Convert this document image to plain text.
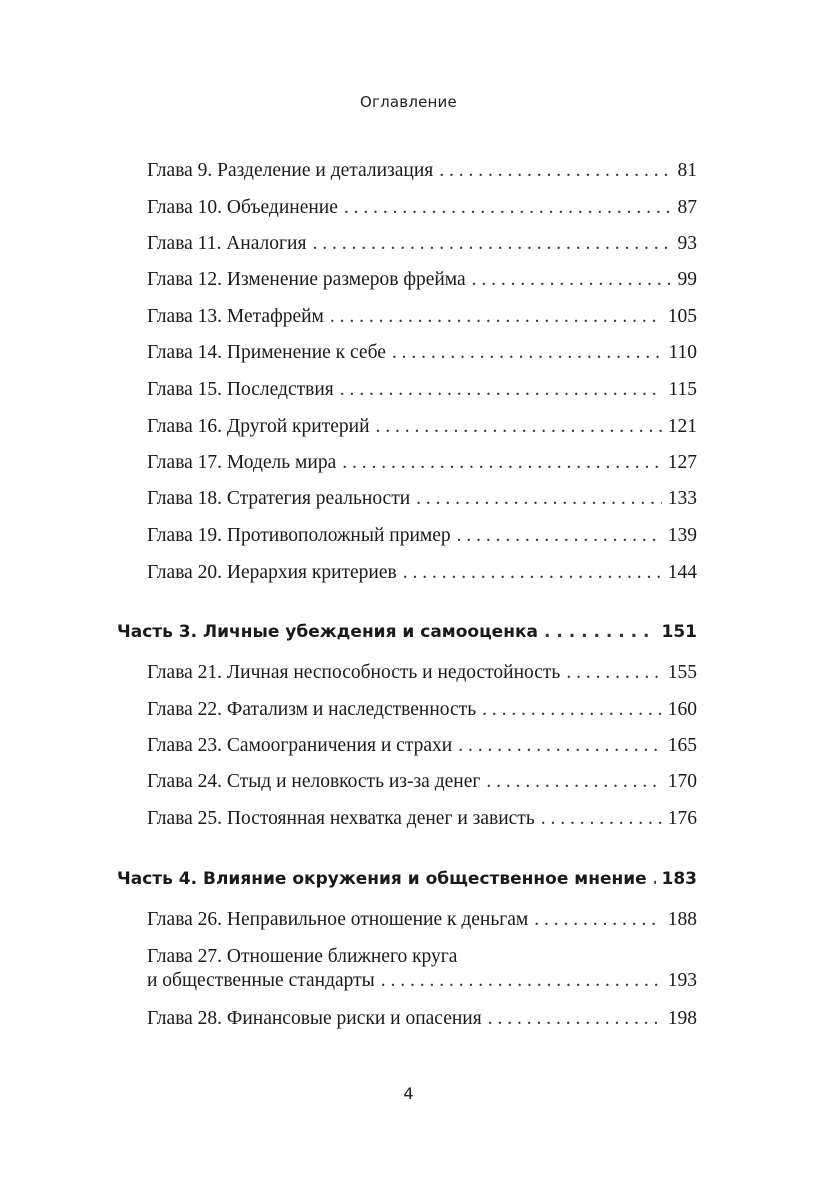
Оглавление
Глава 9. Разделение и детализация . . .	81
Глава 10. Объединение . . .	87
Глава 11. Аналогия . . .	93
Глава 12. Изменение размеров фрейма . . .	99
Глава 13. Метафрейм . . .	105
Глава 14. Применение к себе . . .	110
Глава 15. Последствия . . .	115
Глава 16. Другой критерий . . .	121
Глава 17. Модель мира . . .	127
Глава 18. Стратегия реальности . . .	133
Глава 19. Противоположный пример . . .	139
Глава 20. Иерархия критериев . . .	144
Часть 3. Личные убеждения и самооценка . . .	151
Глава 21. Личная неспособность и недостойность . . .	155
Глава 22. Фатализм и наследственность . . .	160
Глава 23. Самоограничения и страхи . . .	165
Глава 24. Стыд и неловкость из-за денег . . .	170
Глава 25. Постоянная нехватка денег и зависть . . .	176
Часть 4. Влияние окружения и общественное мнение . . . 183
Глава 26. Неправильное отношение к деньгам . . .	188
Глава 27. Отношение ближнего круга
и общественные стандарты . . .	193
Глава 28. Финансовые риски и опасения . . .	198
4
